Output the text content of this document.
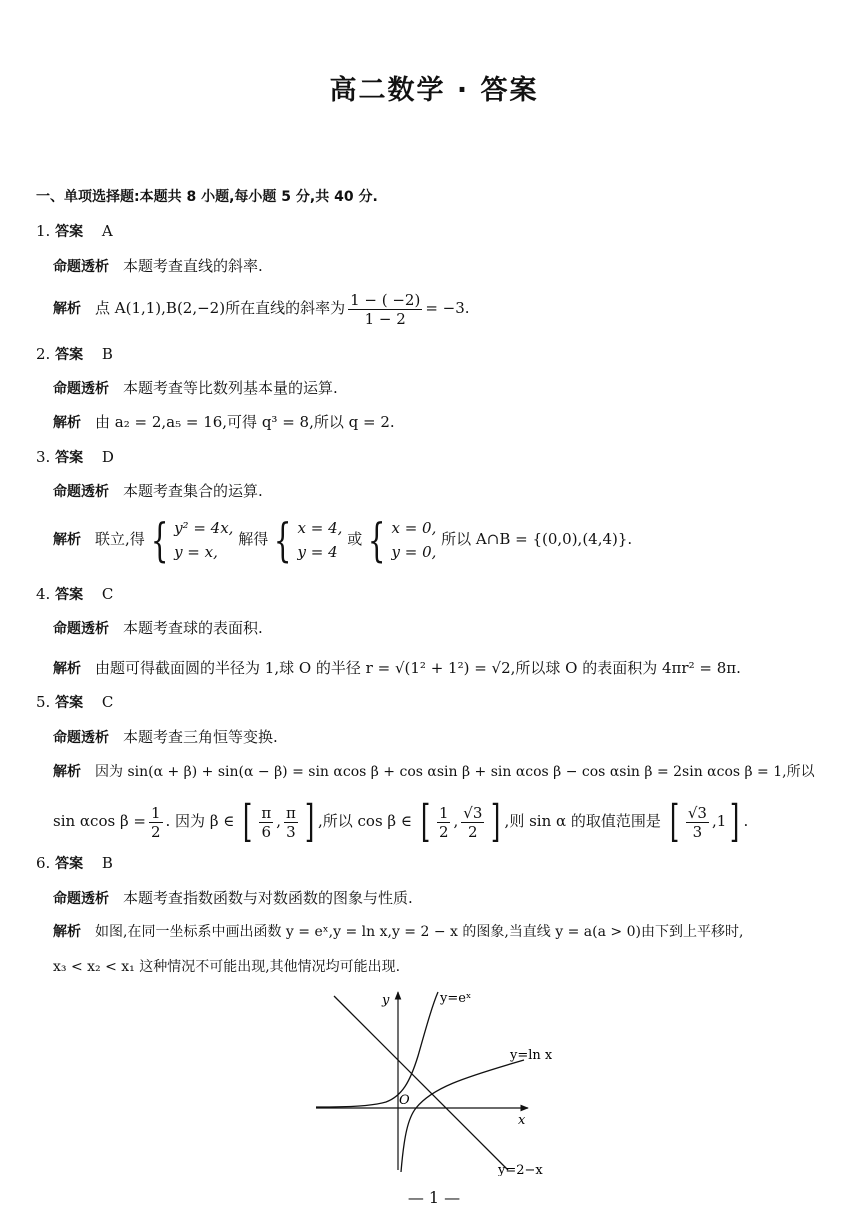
高二数学 · 答案
一、单项选择题:本题共 8 小题,每小题 5 分,共 40 分.
1. 答案 A
命题透析 本题考查直线的斜率.
解析 点 A(1,1),B(2,−2)所在直线的斜率为 $\frac{1 - ( -2)}{1 - 2} = -3$.
2. 答案 B
命题透析 本题考查等比数列基本量的运算.
解析 由 a₂ = 2,a₅ = 16,可得 q³ = 8,所以 q = 2.
3. 答案 D
命题透析 本题考查集合的运算.
解析 联立,得 { y² = 4x,
y = x,
解得 { x = 4,
y = 4
或 { x = 0,
y = 0,
所以 A∩B = {(0,0),(4,4)}.
4. 答案 C
命题透析 本题考查球的表面积.
解析 由题可得截面圆的半径为 1,球 O 的半径 r = √(1² + 1²) = √2,所以球 O 的表面积为 4πr² = 8π.
5. 答案 C
命题透析 本题考查三角恒等变换.
解析 因为 sin(α + β) + sin(α − β) = sin αcos β + cos αsin β + sin αcos β − cos αsin β = 2sin αcos β = 1,所以
sin αcos $\beta = \frac{1}{2}$ . 因为 β ∈ [ $\frac{\pi}{6}$ , $\frac{\pi}{3}$ ] ,所以 cos β ∈ [ $\frac{1}{2}$ , $\frac{√3}{2}$ ] ,则 sin α 的取值范围是 [ $\frac{√3}{3} ,1$] .
6. 答案 B
命题透析 本题考查指数函数与对数函数的图象与性质.
解析 如图,在同一坐标系中画出函数 y = eˣ,y = ln x,y = 2 − x 的图象,当直线 y = a(a > 0)由下到上平移时,
x₃ < x₂ < x₁ 这种情况不可能出现,其他情况均可能出现.
y
x
O
y=eˣ
y=ln x
y=2−x
— 1 —
